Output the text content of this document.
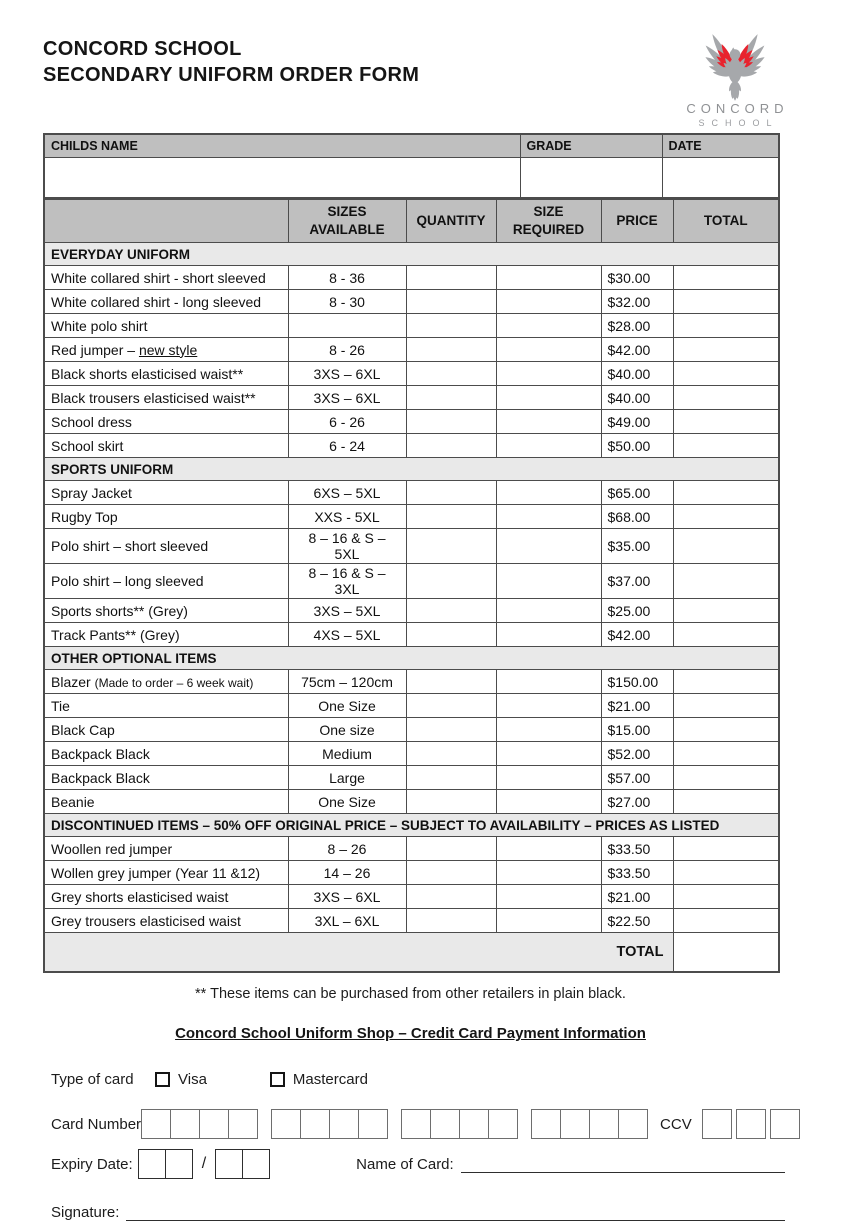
CONCORD SCHOOL
SECONDARY UNIFORM ORDER FORM
CONCORD
SCHOOL
CHILDS NAME	GRADE	DATE

	SIZES AVAILABLE	QUANTITY	SIZE REQUIRED	PRICE	TOTAL
EVERYDAY UNIFORM					
White collared shirt - short sleeved	8 - 36			$30.00	
White collared shirt - long sleeved	8 - 30			$32.00	
White polo shirt				$28.00	
Red jumper – new style	8 - 26			$42.00	
Black shorts elasticised waist**	3XS – 6XL			$40.00	
Black trousers elasticised waist**	3XS – 6XL			$40.00	
School dress	6 - 26			$49.00	
School skirt	6 - 24			$50.00	
SPORTS UNIFORM					
Spray Jacket	6XS – 5XL			$65.00	
Rugby Top	XXS - 5XL			$68.00	
Polo shirt – short sleeved	8 – 16 & S – 5XL			$35.00	
Polo shirt – long sleeved	8 – 16 & S – 3XL			$37.00	
Sports shorts** (Grey)	3XS – 5XL			$25.00	
Track Pants** (Grey)	4XS – 5XL			$42.00	
OTHER OPTIONAL ITEMS					
Blazer (Made to order – 6 week wait)	75cm – 120cm			$150.00	
Tie	One Size			$21.00	
Black Cap	One size			$15.00	
Backpack Black	Medium			$52.00	
Backpack Black	Large			$57.00	
Beanie	One Size			$27.00	
DISCONTINUED ITEMS – 50% OFF ORIGINAL PRICE – SUBJECT TO AVAILABILITY – PRICES AS LISTED					
Woollen red jumper	8 – 26			$33.50	
Wollen grey jumper (Year 11 &12)	14 – 26			$33.50	
Grey shorts elasticised waist	3XS – 6XL			$21.00	
Grey trousers elasticised waist	3XL – 6XL			$22.50	
TOTAL					
** These items can be purchased from other retailers in plain black.
Concord School Uniform Shop – Credit Card Payment Information
Type of card	Visa	Mastercard
Card Number	CCV
Expiry Date:	/	Name of Card:
Signature:
